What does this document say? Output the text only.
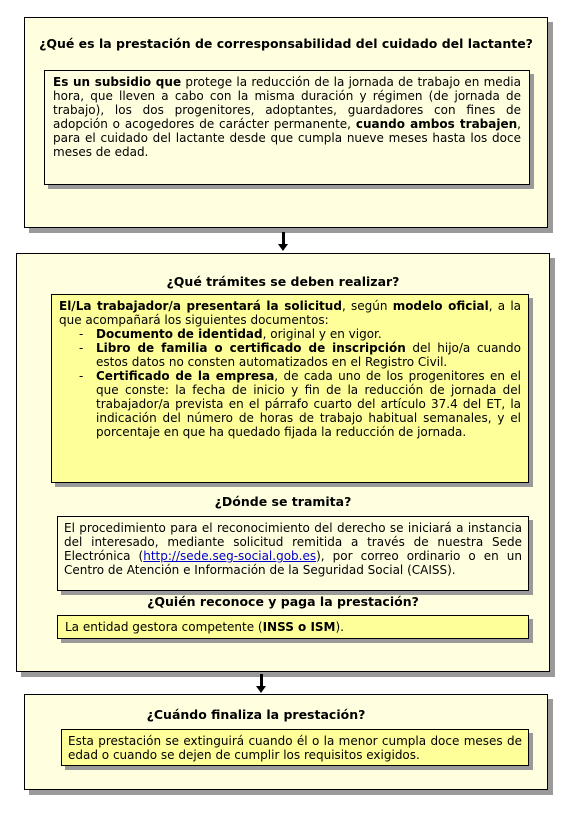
¿Qué es la prestación de corresponsabilidad del cuidado del lactante?
Es un subsidio que protege la reducción de la jornada de trabajo en media hora, que lleven a cabo con la misma duración y régimen (de jornada de trabajo), los dos progenitores, adoptantes, guardadores con fines de adopción o acogedores de carácter permanente, cuando ambos trabajen, para el cuidado del lactante desde que cumpla nueve meses hasta los doce meses de edad.
¿Qué trámites se deben realizar?
El/La trabajador/a presentará la solicitud, según modelo oficial, a la que acompañará los siguientes documentos:
- Documento de identidad, original y en vigor.
- Libro de familia o certificado de inscripción del hijo/a cuando estos datos no consten automatizados en el Registro Civil.
- Certificado de la empresa, de cada uno de los progenitores en el que conste: la fecha de inicio y fin de la reducción de jornada del trabajador/a prevista en el párrafo cuarto del artículo 37.4 del ET, la indicación del número de horas de trabajo habitual semanales, y el porcentaje en que ha quedado fijada la reducción de jornada.
¿Dónde se tramita?
El procedimiento para el reconocimiento del derecho se iniciará a instancia del interesado, mediante solicitud remitida a través de nuestra Sede Electrónica (http://sede.seg-social.gob.es), por correo ordinario o en un Centro de Atención e Información de la Seguridad Social (CAISS).
¿Quién reconoce y paga la prestación?
La entidad gestora competente (INSS o ISM).
¿Cuándo finaliza la prestación?
Esta prestación se extinguirá cuando él o la menor cumpla doce meses de edad o cuando se dejen de cumplir los requisitos exigidos.
